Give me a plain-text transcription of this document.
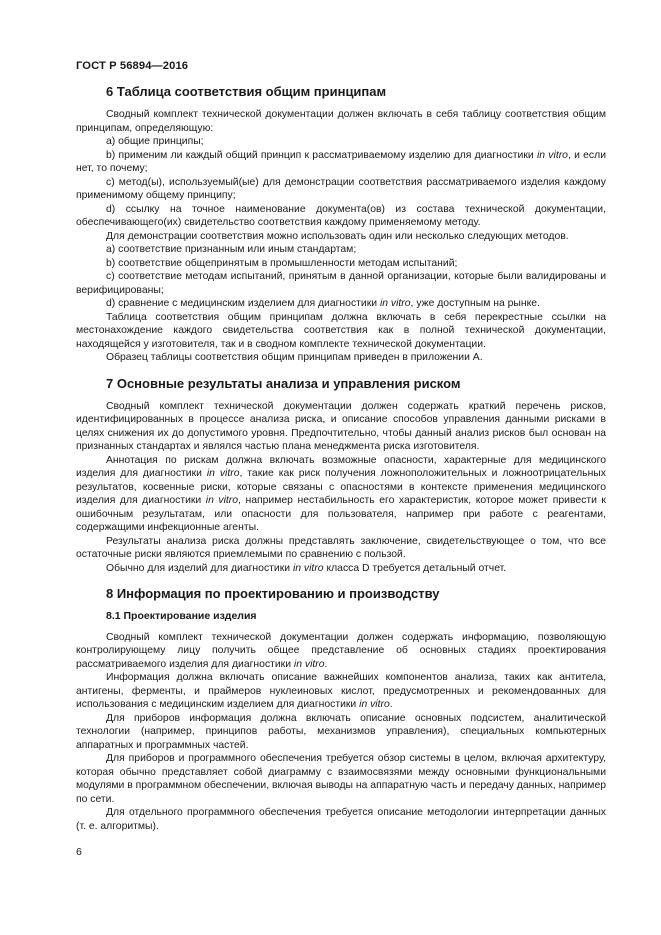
ГОСТ Р 56894—2016
6 Таблица соответствия общим принципам

Сводный комплект технической документации должен включать в себя таблицу соответствия общим принципам, определяющую:

а) общие принципы;

b) применим ли каждый общий принцип к рассматриваемому изделию для диагностики in vitro, и если нет, то почему;

c) метод(ы), используемый(ые) для демонстрации соответствия рассматриваемого изделия каждому применимому общему принципу;

d) ссылку на точное наименование документа(ов) из состава технической документации, обеспечивающего(их) свидетельство соответствия каждому применяемому методу.

Для демонстрации соответствия можно использовать один или несколько следующих методов.

a) соответствие признанным или иным стандартам;

b) соответствие общепринятым в промышленности методам испытаний;

c) соответствие методам испытаний, принятым в данной организации, которые были валидированы и верифицированы;

d) сравнение с медицинским изделием для диагностики in vitro, уже доступным на рынке.

Таблица соответствия общим принципам должна включать в себя перекрестные ссылки на местонахождение каждого свидетельства соответствия как в полной технической документации, находящейся у изготовителя, так и в сводном комплекте технической документации.

Образец таблицы соответствия общим принципам приведен в приложении А.

7 Основные результаты анализа и управления риском

Сводный комплект технической документации должен содержать краткий перечень рисков, идентифицированных в процессе анализа риска, и описание способов управления данными рисками в целях снижения их до допустимого уровня. Предпочтительно, чтобы данный анализ рисков был основан на признанных стандартах и являлся частью плана менеджмента риска изготовителя.

Аннотация по рискам должна включать возможные опасности, характерные для медицинского изделия для диагностики in vitro, такие как риск получения ложноположительных и ложноотрицательных результатов, косвенные риски, которые связаны с опасностями в контексте применения медицинского изделия для диагностики in vitro, например нестабильность его характеристик, которое может привести к ошибочным результатам, или опасности для пользователя, например при работе с реагентами, содержащими инфекционные агенты.

Результаты анализа риска должны представлять заключение, свидетельствующее о том, что все остаточные риски являются приемлемыми по сравнению с пользой.

Обычно для изделий для диагностики in vitro класса D требуется детальный отчет.

8 Информация по проектированию и производству
8.1 Проектирование изделия

Сводный комплект технической документации должен содержать информацию, позволяющую контролирующему лицу получить общее представление об основных стадиях проектирования рассматриваемого изделия для диагностики in vitro.

Информация должна включать описание важнейших компонентов анализа, таких как антитела, антигены, ферменты, и праймеров нуклеиновых кислот, предусмотренных и рекомендованных для использования с медицинским изделием для диагностики in vitro.

Для приборов информация должна включать описание основных подсистем, аналитической технологии (например, принципов работы, механизмов управления), специальных компьютерных аппаратных и программных частей.

Для приборов и программного обеспечения требуется обзор системы в целом, включая архитектуру, которая обычно представляет собой диаграмму с взаимосвязями между основными функциональными модулями в программном обеспечении, включая выводы на аппаратную часть и передачу данных, например по сети.

Для отдельного программного обеспечения требуется описание методологии интерпретации данных (т. е. алгоритмы).

6
